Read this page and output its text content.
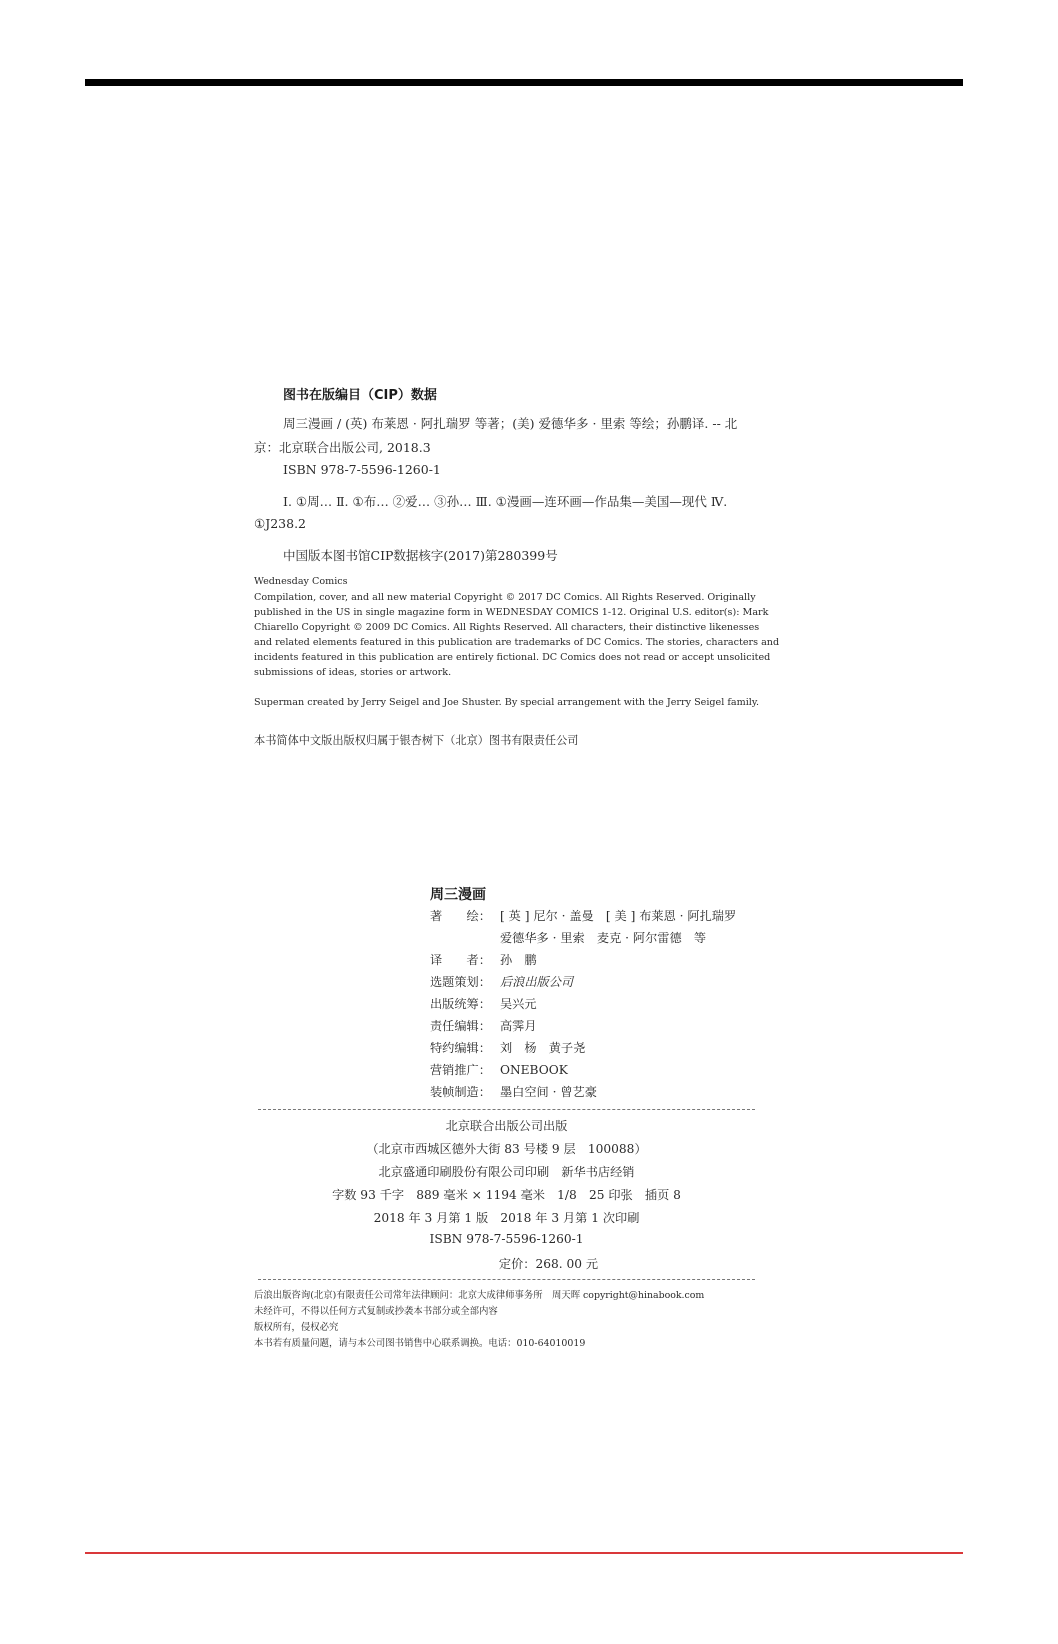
图书在版编目（CIP）数据
周三漫画 / (英) 布莱恩 · 阿扎瑞罗 等著；(美) 爱德华多 · 里索 等绘；孙鹏译. -- 北
京：北京联合出版公司, 2018.3
ISBN 978-7-5596-1260-1
Ⅰ. ①周… Ⅱ. ①布… ②爱… ③孙… Ⅲ. ①漫画—连环画—作品集—美国—现代 Ⅳ.
①J238.2
中国版本图书馆CIP数据核字(2017)第280399号
Wednesday Comics
Compilation, cover, and all new material Copyright © 2017 DC Comics. All Rights Reserved. Originally
published in the US in single magazine form in WEDNESDAY COMICS 1-12. Original U.S. editor(s): Mark
Chiarello Copyright © 2009 DC Comics. All Rights Reserved. All characters, their distinctive likenesses
and related elements featured in this publication are trademarks of DC Comics. The stories, characters and
incidents featured in this publication are entirely fictional. DC Comics does not read or accept unsolicited
submissions of ideas, stories or artwork.
Superman created by Jerry Seigel and Joe Shuster. By special arrangement with the Jerry Seigel family.
本书简体中文版出版权归属于银杏树下（北京）图书有限责任公司
周三漫画
著　　绘： [ 英 ] 尼尔 · 盖曼　[ 美 ] 布莱恩 · 阿扎瑞罗
爱德华多 · 里索　麦克 · 阿尔雷德　等
译　　者： 孙　鹏
选题策划： 后浪出版公司
出版统筹： 吴兴元
责任编辑： 高霁月
特约编辑： 刘　杨　黄子尧
营销推广： ONEBOOK
装帧制造： 墨白空间 · 曾艺豪
北京联合出版公司出版
（北京市西城区德外大街 83 号楼 9 层　100088）
北京盛通印刷股份有限公司印刷　新华书店经销
字数 93 千字　889 毫米 × 1194 毫米　1/8　25 印张　插页 8
2018 年 3 月第 1 版　2018 年 3 月第 1 次印刷
ISBN 978-7-5596-1260-1
定价：268. 00 元
后浪出版咨询(北京)有限责任公司常年法律顾问：北京大成律师事务所　周天晖 copyright@hinabook.com
未经许可，不得以任何方式复制或抄袭本书部分或全部内容
版权所有，侵权必究
本书若有质量问题，请与本公司图书销售中心联系调换。电话：010-64010019
